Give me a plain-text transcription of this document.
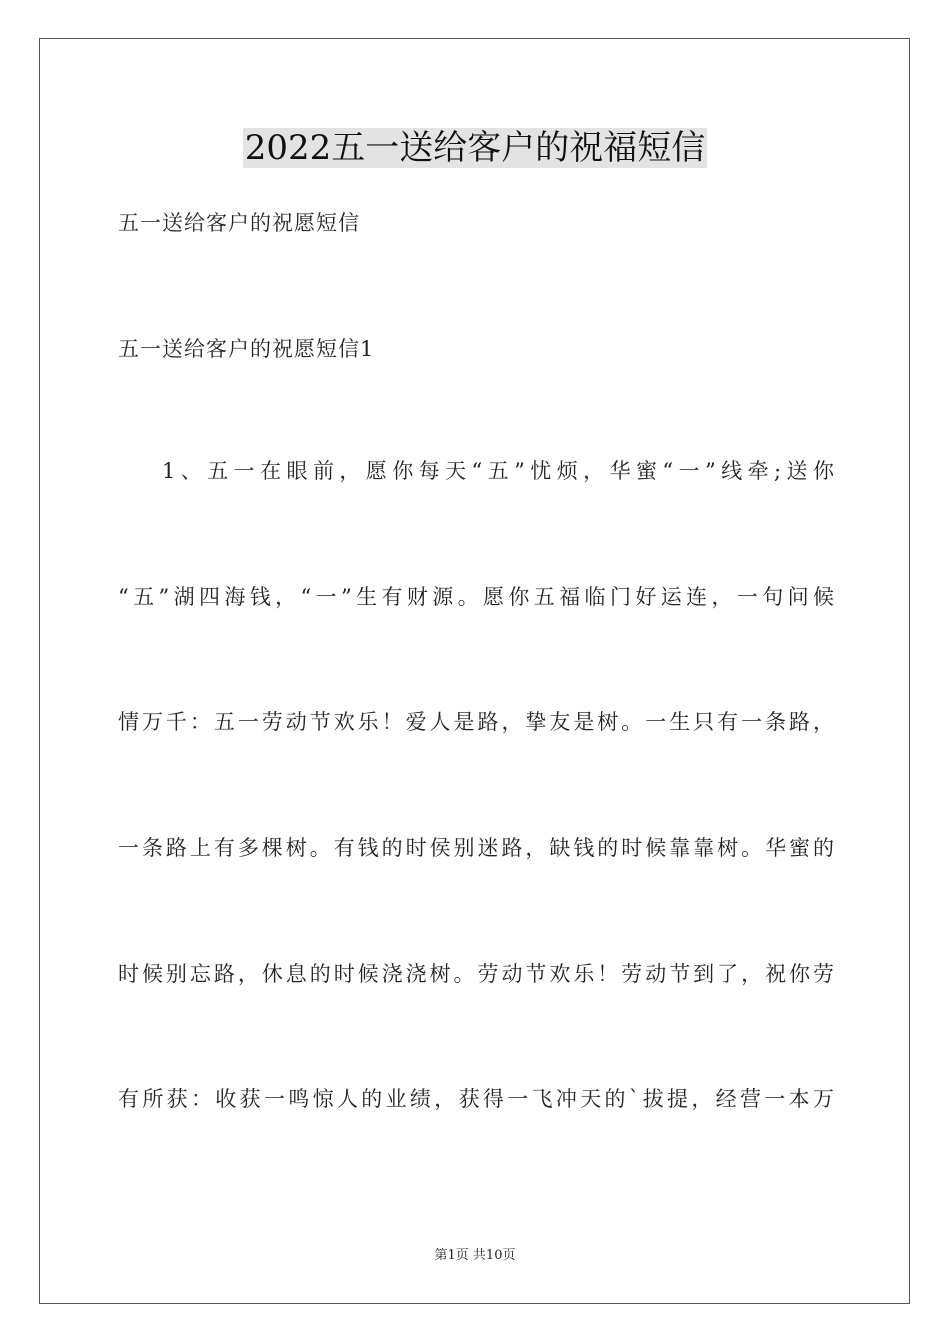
2022五一送给客户的祝福短信
五一送给客户的祝愿短信
五一送给客户的祝愿短信1
1、五一在眼前，愿你每天“五”忧烦，华蜜“一”线牵;送你
“五”湖四海钱，“一”生有财源。愿你五福临门好运连，一句问候
情万千：五一劳动节欢乐！爱人是路，挚友是树。一生只有一条路，
一条路上有多棵树。有钱的时侯别迷路，缺钱的时候靠靠树。华蜜的
时候别忘路，休息的时候浇浇树。劳动节欢乐！劳动节到了，祝你劳
有所获：收获一鸣惊人的业绩，获得一飞冲天的`拔提，经营一本万
第1页 共10页
